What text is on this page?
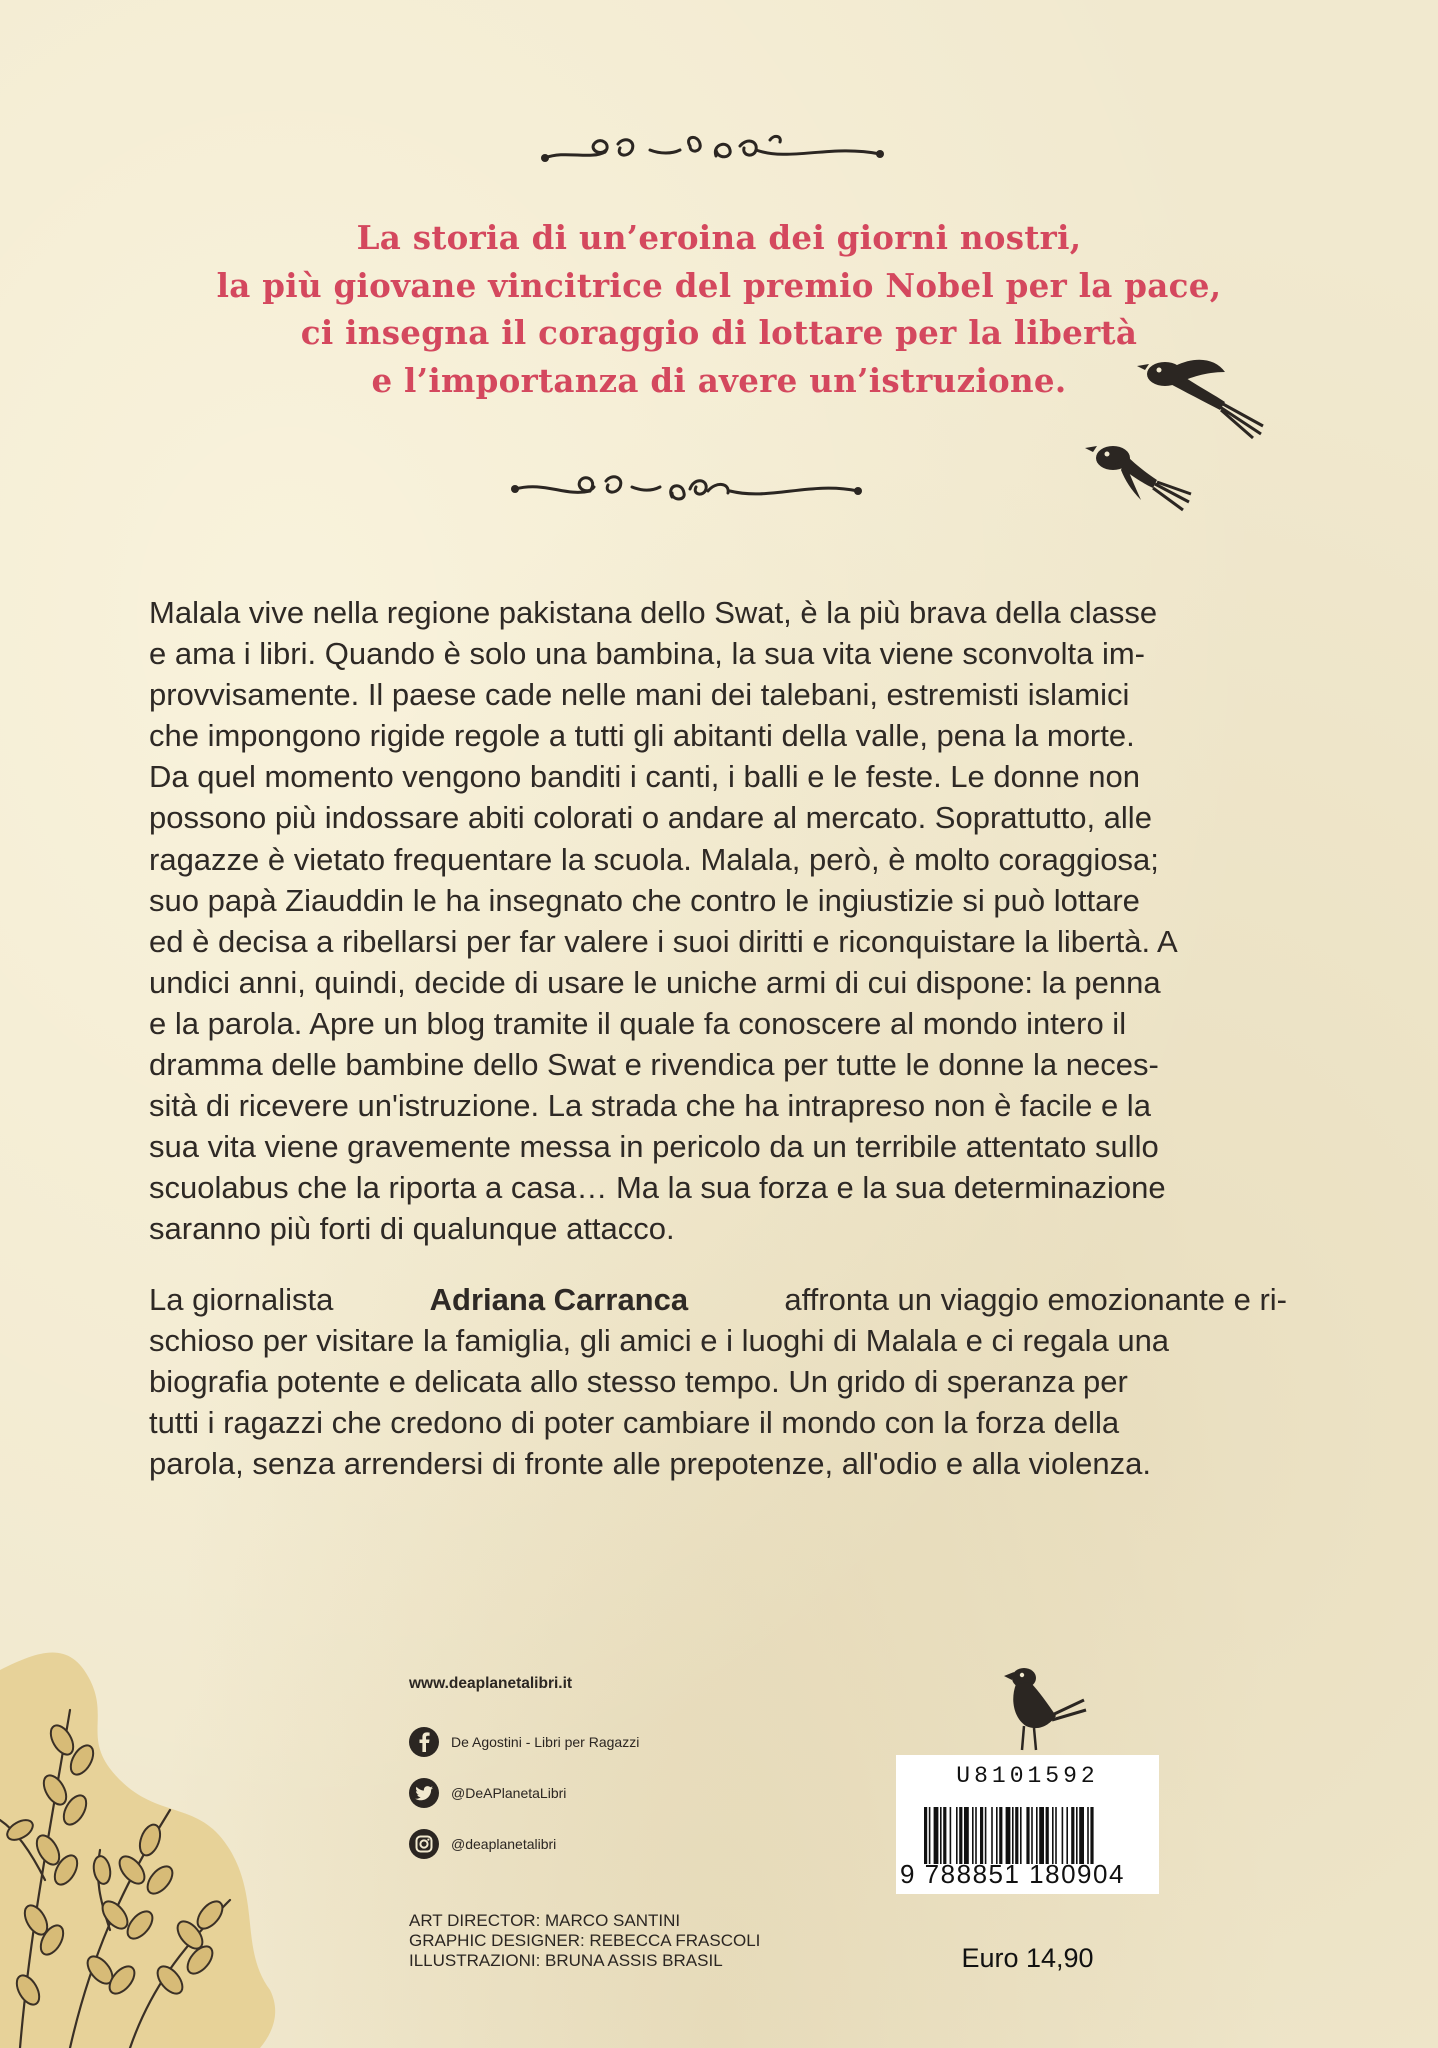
La storia di un’eroina dei giorni nostri,
la più giovane vincitrice del premio Nobel per la pace,
ci insegna il coraggio di lottare per la libertà
e l’importanza di avere un’istruzione.
Malala vive nella regione pakistana dello Swat, è la più brava della classe
e ama i libri. Quando è solo una bambina, la sua vita viene sconvolta im-
provvisamente. Il paese cade nelle mani dei talebani, estremisti islamici
che impongono rigide regole a tutti gli abitanti della valle, pena la morte.
Da quel momento vengono banditi i canti, i balli e le feste. Le donne non
possono più indossare abiti colorati o andare al mercato. Soprattutto, alle
ragazze è vietato frequentare la scuola. Malala, però, è molto coraggiosa;
suo papà Ziauddin le ha insegnato che contro le ingiustizie si può lottare
ed è decisa a ribellarsi per far valere i suoi diritti e riconquistare la libertà. A
undici anni, quindi, decide di usare le uniche armi di cui dispone: la penna
e la parola. Apre un blog tramite il quale fa conoscere al mondo intero il
dramma delle bambine dello Swat e rivendica per tutte le donne la neces-
sità di ricevere un'istruzione. La strada che ha intrapreso non è facile e la
sua vita viene gravemente messa in pericolo da un terribile attentato sullo
scuolabus che la riporta a casa… Ma la sua forza e la sua determinazione
saranno più forti di qualunque attacco.
La giornalista	Adriana Carranca	affronta un viaggio emozionante e ri-
schioso per visitare la famiglia, gli amici e i luoghi di Malala e ci regala una
biografia potente e delicata allo stesso tempo. Un grido di speranza per
tutti i ragazzi che credono di poter cambiare il mondo con la forza della
parola, senza arrendersi di fronte alle prepotenze, all'odio e alla violenza.
www.deaplanetalibri.it
De Agostini - Libri per Ragazzi
@DeAPlanetaLibri
@deaplanetalibri
ART DIRECTOR: MARCO SANTINI
GRAPHIC DESIGNER: REBECCA FRASCOLI
ILLUSTRAZIONI: BRUNA ASSIS BRASIL
U8101592
9 788851 180904
Euro 14,90
